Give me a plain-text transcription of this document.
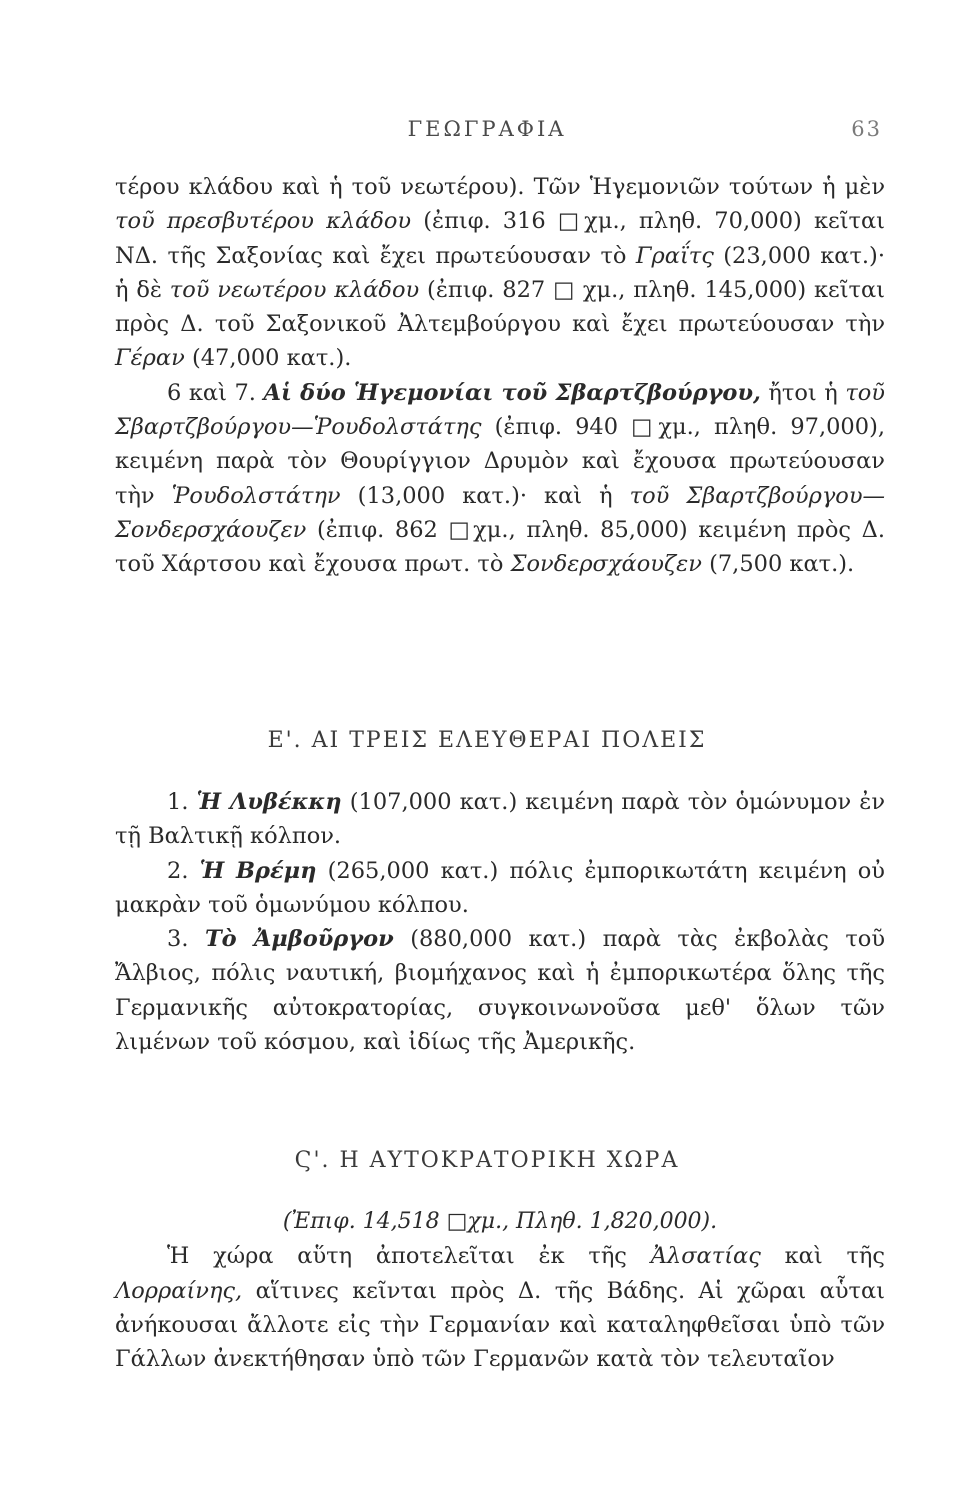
ΓΕΩΓΡΑΦΙΑ	63

τέρου κλάδου καὶ ἡ τοῦ νεωτέρου). Τῶν Ἡγεμονιῶν τούτων ἡ μὲν τοῦ πρεσβυτέρου κλάδου (ἐπιφ. 316 □χμ., πληθ. 70,000) κεῖται ΝΔ. τῆς Σαξονίας καὶ ἔχει πρωτεύουσαν τὸ Γραΐτς (23,000 κατ.)· ἡ δὲ τοῦ νεωτέρου κλάδου (ἐπιφ. 827 □ χμ., πληθ. 145,000) κεῖται πρὸς Δ. τοῦ Σαξονικοῦ Ἀλτεμβούργου καὶ ἔχει πρωτεύουσαν τὴν Γέραν (47,000 κατ.).

6 καὶ 7. Αἱ δύο Ἡγεμονίαι τοῦ Σβαρτζβούργου, ἤτοι ἡ τοῦ Σβαρτζβούργου—Ῥουδολστάτης (ἐπιφ. 940 □χμ., πληθ. 97,000), κειμένη παρὰ τὸν Θουρίγγιον Δρυμὸν καὶ ἔχουσα πρωτεύουσαν τὴν Ῥουδολστάτην (13,000 κατ.)· καὶ ἡ τοῦ Σβαρτζβούργου—Σονδερσχάουζεν (ἐπιφ. 862 □χμ., πληθ. 85,000) κειμένη πρὸς Δ. τοῦ Χάρτσου καὶ ἔχουσα πρωτ. τὸ Σονδερσχάουζεν (7,500 κατ.).

Ε'. ΑΙ ΤΡΕΙΣ ΕΛΕΥΘΕΡΑΙ ΠΟΛΕΙΣ

1. Ἡ Λυβέκκη (107,000 κατ.) κειμένη παρὰ τὸν ὁμώνυμον ἐν τῇ Βαλτικῇ κόλπον.

2. Ἡ Βρέμη (265,000 κατ.) πόλις ἐμπορικωτάτη κειμένη οὐ μακρὰν τοῦ ὁμωνύμου κόλπου.

3. Τὸ Ἀμβοῦργον (880,000 κατ.) παρὰ τὰς ἐκβολὰς τοῦ Ἄλβιος, πόλις ναυτική, βιομήχανος καὶ ἡ ἐμπορικωτέρα ὅλης τῆς Γερμανικῆς αὐτοκρατορίας, συγκοινωνοῦσα μεθ' ὅλων τῶν λιμένων τοῦ κόσμου, καὶ ἰδίως τῆς Ἀμερικῆς.

Ϛ'. Η ΑΥΤΟΚΡΑΤΟΡΙΚΗ ΧΩΡΑ

(Ἐπιφ. 14,518 □χμ., Πληθ. 1,820,000).

Ἡ χώρα αὕτη ἀποτελεῖται ἐκ τῆς Ἀλσατίας καὶ τῆς Λορραίνης, αἵτινες κεῖνται πρὸς Δ. τῆς Βάδης. Αἱ χῶραι αὗται ἀνήκουσαι ἄλλοτε εἰς τὴν Γερμανίαν καὶ καταληφθεῖσαι ὑπὸ τῶν Γάλλων ἀνεκτήθησαν ὑπὸ τῶν Γερμανῶν κατὰ τὸν τελευταῖον
